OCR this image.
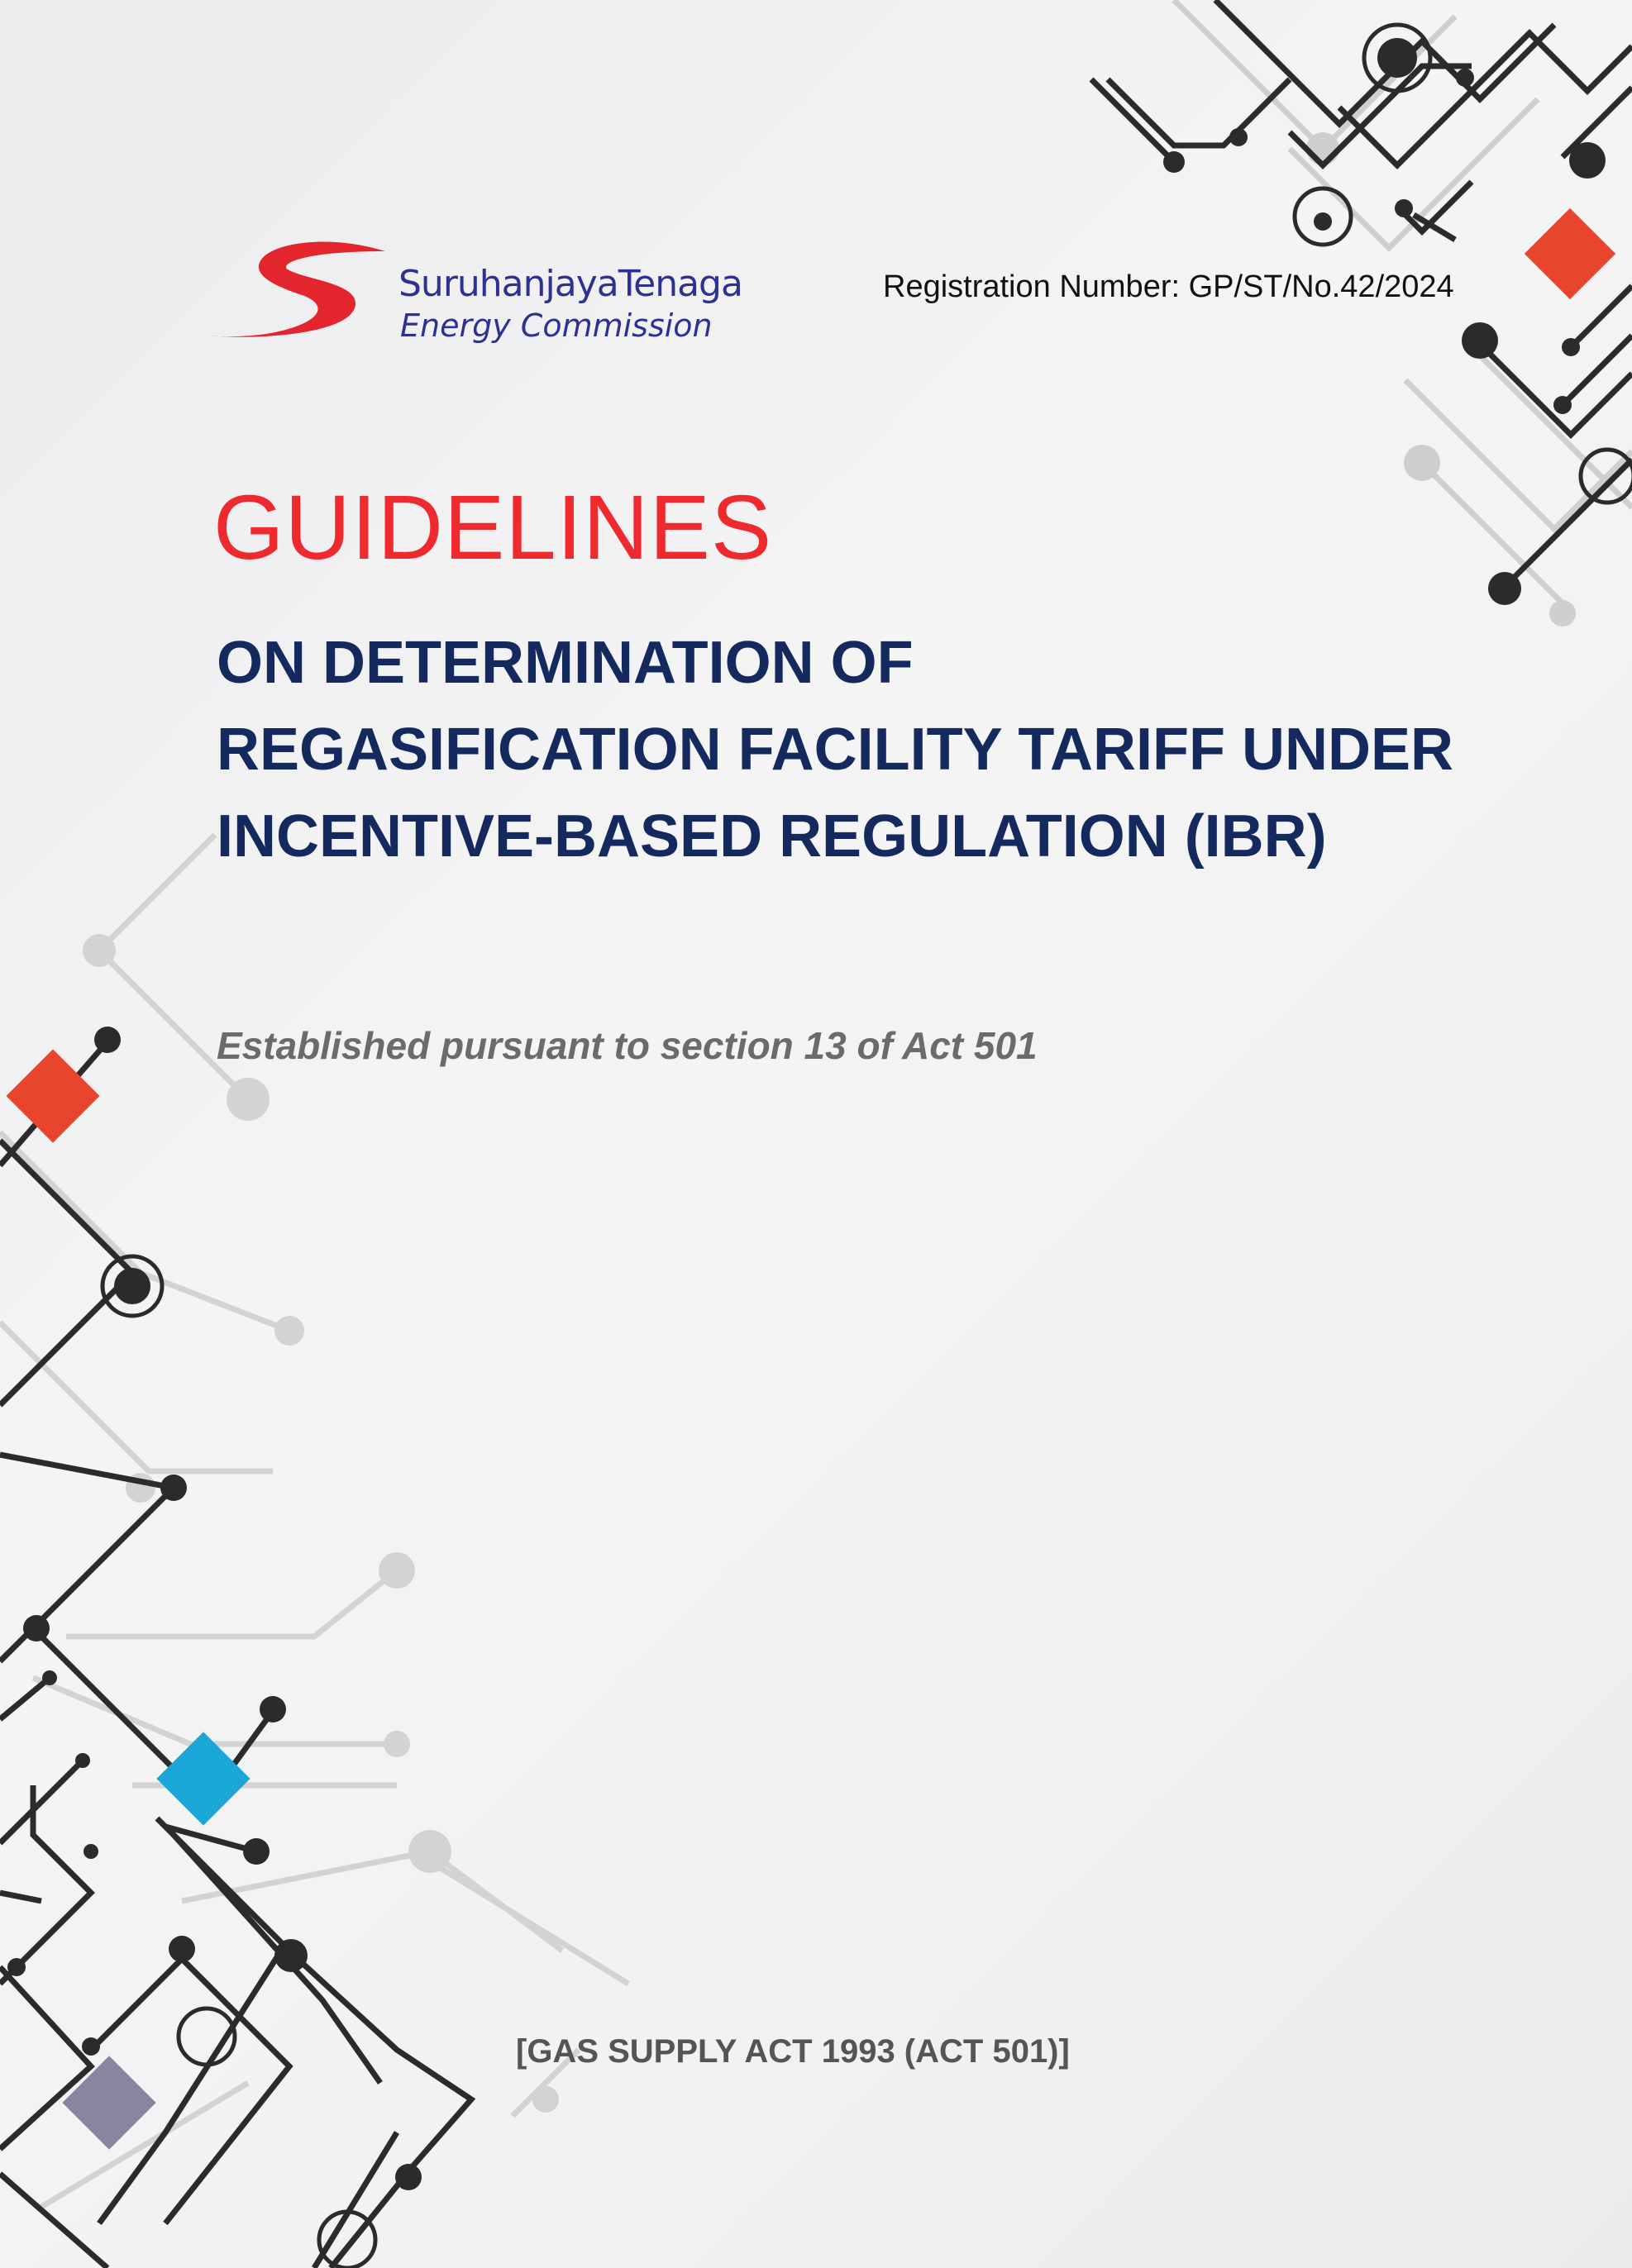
SuruhanjayaTenaga
Energy Commission
Registration Number: GP/ST/No.42/2024
GUIDELINES
ON DETERMINATION OF
REGASIFICATION FACILITY TARIFF UNDER
INCENTIVE-BASED REGULATION (IBR)
Established pursuant to section 13 of Act 501
[GAS SUPPLY ACT 1993 (ACT 501)]
